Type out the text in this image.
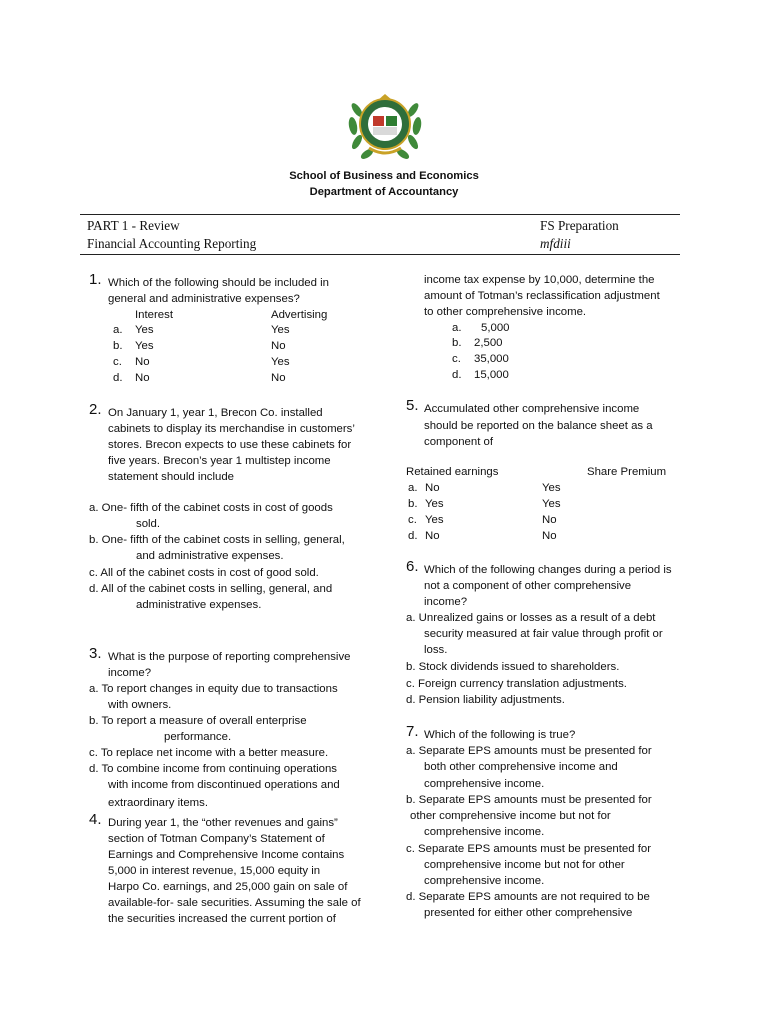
School of Business and Economics
Department of Accountancy
PART 1 - Review
Financial Accounting Reporting
FS Preparation
mfdiii
1. Which of the following should be included in
general and administrative expenses?
Interest	Advertising
a. Yes	Yes
b. Yes	No
c. No	Yes
d. No	No
2. On January 1, year 1, Brecon Co. installed
cabinets to display its merchandise in customers’
stores. Brecon expects to use these cabinets for
five years. Brecon’s year 1 multistep income
statement should include
a. One- fifth of the cabinet costs in cost of goods
sold.
b. One- fifth of the cabinet costs in selling, general,
and administrative expenses.
c. All of the cabinet costs in cost of good sold.
d. All of the cabinet costs in selling, general, and
administrative expenses.
3. What is the purpose of reporting comprehensive
income?
a. To report changes in equity due to transactions
with owners.
b. To report a measure of overall enterprise
performance.
c. To replace net income with a better measure.
d. To combine income from continuing operations
with income from discontinued operations and
extraordinary items.
4. During year 1, the “other revenues and gains”
section of Totman Company’s Statement of
Earnings and Comprehensive Income contains
5,000 in interest revenue, 15,000 equity in
Harpo Co. earnings, and 25,000 gain on sale of
available-for- sale securities. Assuming the sale of
the securities increased the current portion of
income tax expense by 10,000, determine the
amount of Totman’s reclassification adjustment
to other comprehensive income.
a. 5,000
b. 2,500
c. 35,000
d. 15,000
5. Accumulated other comprehensive income
should be reported on the balance sheet as a
component of
Retained earnings	Share Premium
a. No	Yes
b. Yes	Yes
c. Yes	No
d. No	No
6. Which of the following changes during a period is
not a component of other comprehensive
income?
a. Unrealized gains or losses as a result of a debt
security measured at fair value through profit or
loss.
b. Stock dividends issued to shareholders.
c. Foreign currency translation adjustments.
d. Pension liability adjustments.
7. Which of the following is true?
a. Separate EPS amounts must be presented for
both other comprehensive income and
comprehensive income.
b. Separate EPS amounts must be presented for
other comprehensive income but not for
comprehensive income.
c. Separate EPS amounts must be presented for
comprehensive income but not for other
comprehensive income.
d. Separate EPS amounts are not required to be
presented for either other comprehensive
